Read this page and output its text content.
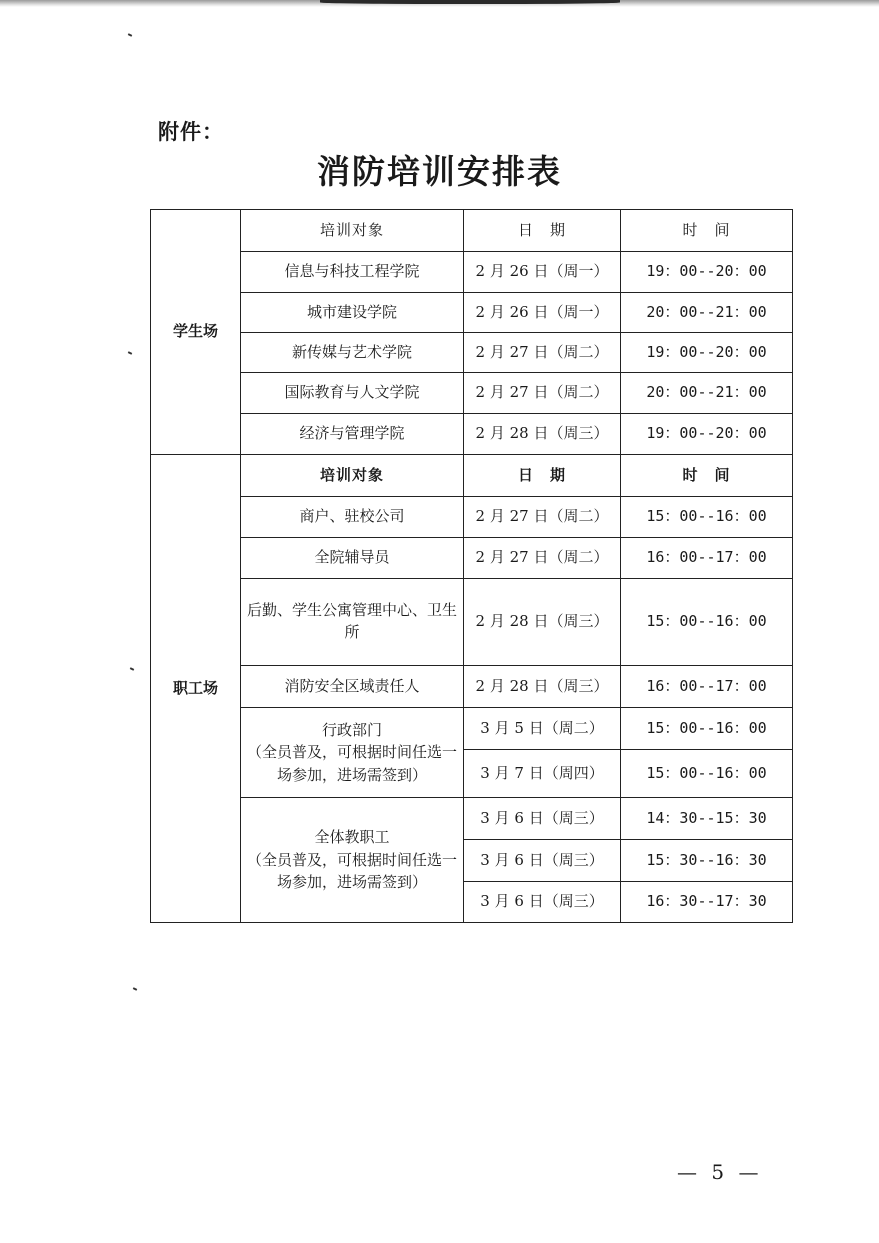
附件：
消防培训安排表
学生场	培训对象	日　期	时　间
	信息与科技工程学院	2 月 26 日（周一）	19：00--20：00
	城市建设学院	2 月 26 日（周一）	20：00--21：00
	新传媒与艺术学院	2 月 27 日（周二）	19：00--20：00
	国际教育与人文学院	2 月 27 日（周二）	20：00--21：00
	经济与管理学院	2 月 28 日（周三）	19：00--20：00
职工场	培训对象	日　期	时　间
	商户、驻校公司	2 月 27 日（周二）	15：00--16：00
	全院辅导员	2 月 27 日（周二）	16：00--17：00
	后勤、学生公寓管理中心、卫生所	2 月 28 日（周三）	15：00--16：00
	消防安全区域责任人	2 月 28 日（周三）	16：00--17：00

	行政部门
（全员普及，可根据时间任选一
场参加，进场需签到）	3 月 5 日（周二）	15：00--16：00
		3 月 7 日（周四）	15：00--16：00

	全体教职工
（全员普及，可根据时间任选一
场参加，进场需签到）	3 月 6 日（周三）	14：30--15：30
		3 月 6 日（周三）	15：30--16：30
		3 月 6 日（周三）	16：30--17：30
— 5 —
